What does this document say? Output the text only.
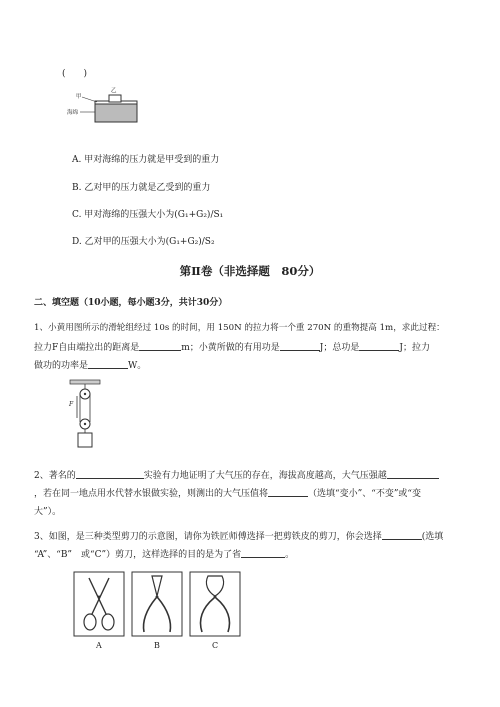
(　　)
甲
乙
海绵
A. 甲对海绵的压力就是甲受到的重力
B. 乙对甲的压力就是乙受到的重力
C. 甲对海绵的压强大小为(G₁+G₂)/S₁
D. 乙对甲的压强大小为(G₁+G₂)/S₂
第Ⅱ卷（非选择题　80分）
二、填空题（10小题，每小题3分，共计30分）
1、小黄用图所示的滑轮组经过 10s 的时间，用 150N 的拉力将一个重 270N 的重物提高 1m，求此过程：
拉力F自由端拉出的距离是	m；小黄所做的有用功是	J；总功是	J；拉力
做功的功率是	W。
F
2、著名的	实验有力地证明了大气压的存在，海拔高度越高，大气压强越
，若在同一地点用水代替水银做实验，则测出的大气压值将	（选填“变小”、“不变”或“变
大”）。
3、如图，是三种类型剪刀的示意图，请你为铁匠师傅选择一把剪铁皮的剪刀，你会选择	(选填
“A”、“B”　或“C”）剪刀，这样选择的目的是为了省	。
A	B	C
